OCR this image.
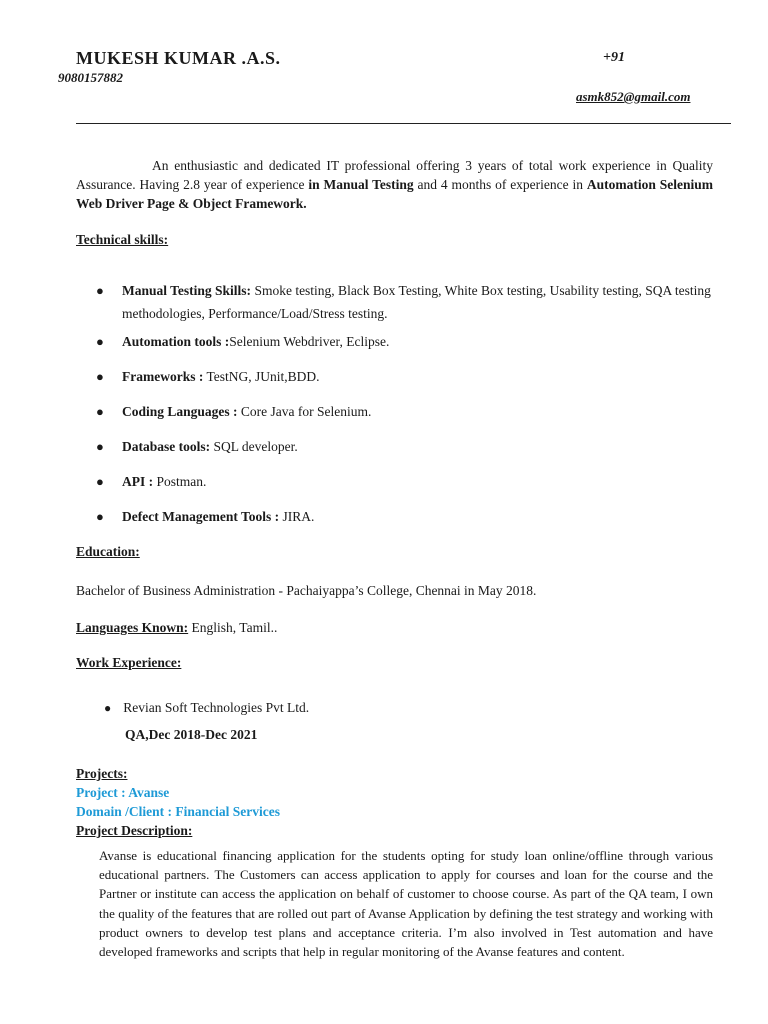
MUKESH KUMAR .A.S.	+91
9080157882
asmk852@gmail.com
An enthusiastic and dedicated IT professional offering 3 years of total work experience in Quality Assurance. Having 2.8 year of experience in Manual Testing and 4 months of experience in Automation Selenium Web Driver Page & Object Framework.
Technical skills:
● Manual Testing Skills: Smoke testing, Black Box Testing, White Box testing, Usability testing, SQA testing methodologies, Performance/Load/Stress testing.
● Automation tools :Selenium Webdriver, Eclipse.
● Frameworks : TestNG, JUnit,BDD.
● Coding Languages : Core Java for Selenium.
● Database tools: SQL developer.
● API : Postman.
● Defect Management Tools : JIRA.
Education:
Bachelor of Business Administration - Pachaiyappa’s College, Chennai in May 2018.
Languages Known: English, Tamil..
Work Experience:
● Revian Soft Technologies Pvt Ltd.
QA,Dec 2018-Dec 2021
Projects:
Project : Avanse
Domain /Client : Financial Services
Project Description:
Avanse is educational financing application for the students opting for study loan online/offline through various educational partners. The Customers can access application to apply for courses and loan for the course and the Partner or institute can access the application on behalf of customer to choose course. As part of the QA team, I own the quality of the features that are rolled out part of Avanse Application by defining the test strategy and working with product owners to develop test plans and acceptance criteria. I’m also involved in Test automation and have developed frameworks and scripts that help in regular monitoring of the Avanse features and content.
